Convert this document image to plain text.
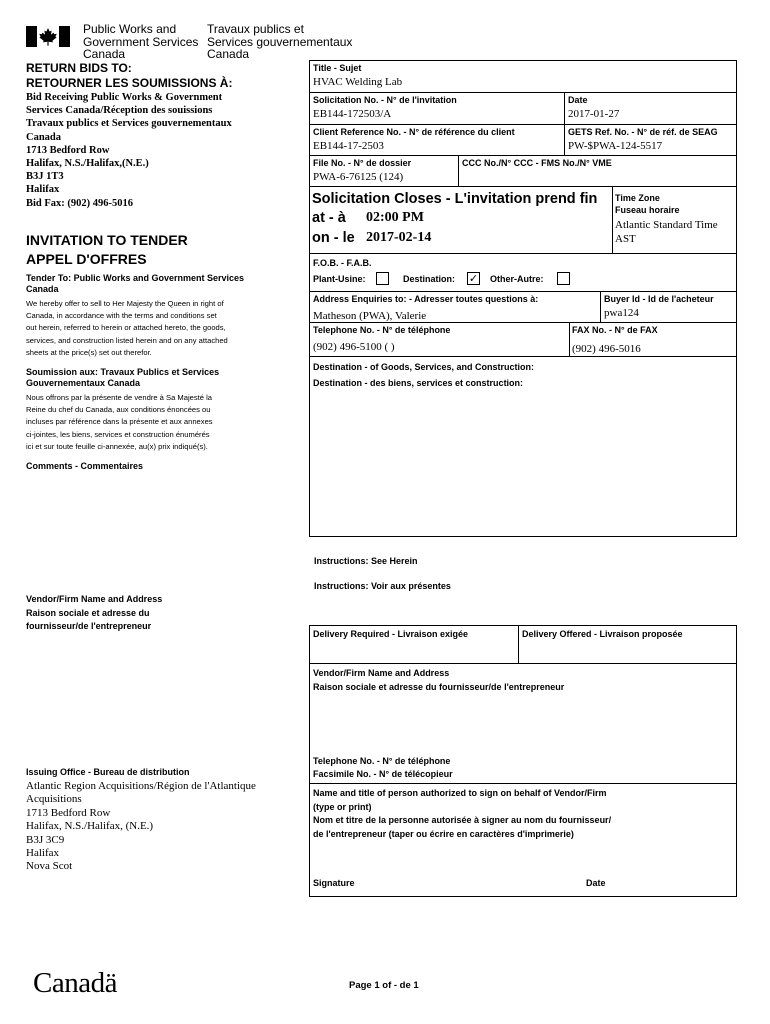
Public Works and
Government Services
Canada
Travaux publics et
Services gouvernementaux
Canada
RETURN BIDS TO:
RETOURNER LES SOUMISSIONS À:
Bid Receiving Public Works & Government
Services Canada/Réception des souissions
Travaux publics et Services gouvernementaux
Canada
1713 Bedford Row
Halifax, N.S./Halifax,(N.E.)
B3J 1T3
Halifax
Bid Fax: (902) 496-5016
INVITATION TO TENDER
APPEL D'OFFRES
Tender To: Public Works and Government Services
Canada
We hereby offer to sell to Her Majesty the Queen in right of
Canada, in accordance with the terms and conditions set
out herein, referred to herein or attached hereto, the goods,
services, and construction listed herein and on any attached
sheets at the price(s) set out therefor.
Soumission aux: Travaux Publics et Services
Gouvernementaux Canada
Nous offrons par la présente de vendre à Sa Majesté la
Reine du chef du Canada, aux conditions énoncées ou
incluses par référence dans la présente et aux annexes
ci-jointes, les biens, services et construction énumérés
ici et sur toute feuille ci-annexée, au(x) prix indiqué(s).
Comments - Commentaires
Vendor/Firm Name and Address
Raison sociale et adresse du
fournisseur/de l'entrepreneur
Issuing Office - Bureau de distribution
Atlantic Region Acquisitions/Région de l'Atlantique
Acquisitions
1713 Bedford Row
Halifax, N.S./Halifax, (N.E.)
B3J 3C9
Halifax
Nova Scot
Title - Sujet
HVAC Welding Lab
Solicitation No. - N° de l'invitation
EB144-172503/A
Date
2017-01-27
Client Reference No. - N° de référence du client
EB144-17-2503
GETS Ref. No. - N° de réf. de SEAG
PW-$PWA-124-5517
File No. - N° de dossier
PWA-6-76125 (124)
CCC No./N° CCC - FMS No./N° VME
Solicitation Closes - L'invitation prend fin
at - à 02:00 PM
on - le 2017-02-14
Time Zone
Fuseau horaire
Atlantic Standard Time
AST
F.O.B. - F.A.B.
Plant-Usine:	Destination: ✓ Other-Autre:
Address Enquiries to: - Adresser toutes questions à:
Matheson (PWA), Valerie
Buyer Id - Id de l'acheteur
pwa124
Telephone No. - N° de téléphone
(902) 496-5100 ( )
FAX No. - N° de FAX
(902) 496-5016
Destination - of Goods, Services, and Construction:
Destination - des biens, services et construction:
Instructions: See Herein
Instructions: Voir aux présentes
Delivery Required - Livraison exigée	Delivery Offered - Livraison proposée
Vendor/Firm Name and Address
Raison sociale et adresse du fournisseur/de l'entrepreneur
Telephone No. - N° de téléphone
Facsimile No. - N° de télécopieur
Name and title of person authorized to sign on behalf of Vendor/Firm
(type or print)
Nom et titre de la personne autorisée à signer au nom du fournisseur/
de l'entrepreneur (taper ou écrire en caractères d'imprimerie)
Signature	Date
Canadä	Page 1 of - de 1
